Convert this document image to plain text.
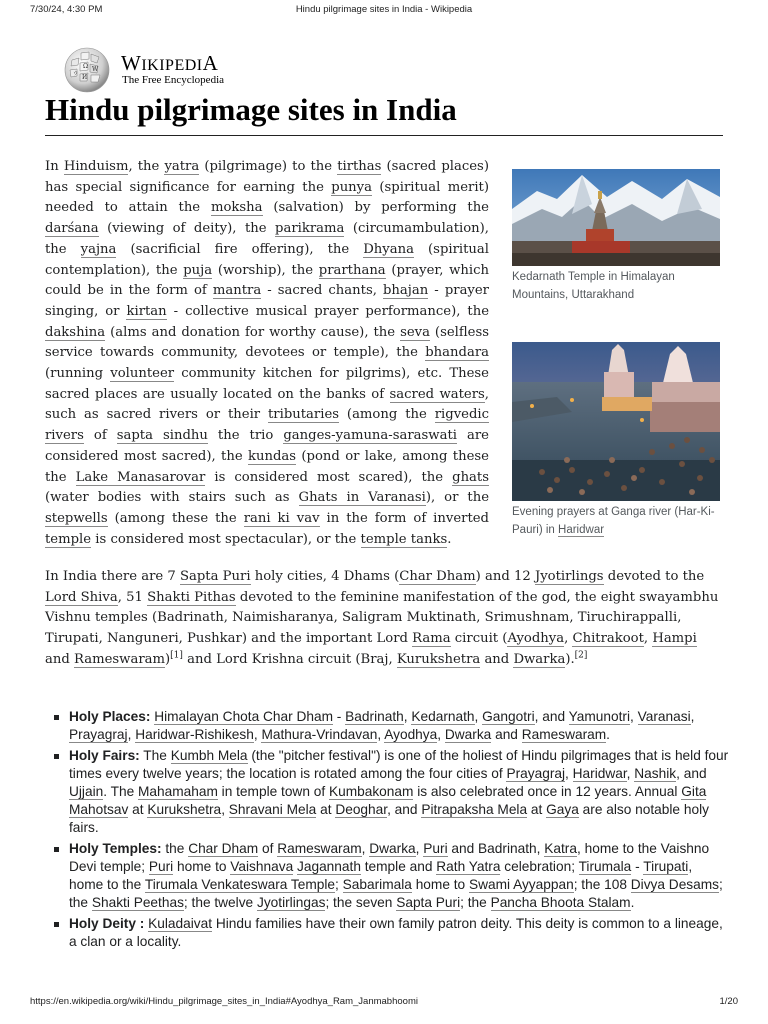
7/30/24, 4:30 PM	Hindu pilgrimage sites in India - Wikipedia
Ω W
И
ウ WIKIPEDIA
The Free Encyclopedia
Hindu pilgrimage sites in India

In Hinduism, the yatra (pilgrimage) to the tirthas (sacred places) has special significance for earning the punya (spiritual merit) needed to attain the moksha (salvation) by performing the darśana (viewing of deity), the parikrama (circumambulation), the yajna (sacrificial fire offering), the Dhyana (spiritual contemplation), the puja (worship), the prarthana (prayer, which could be in the form of mantra - sacred chants, bhajan - prayer singing, or kirtan - collective musical prayer performance), the dakshina (alms and donation for worthy cause), the seva (selfless service towards community, devotees or temple), the bhandara (running volunteer community kitchen for pilgrims), etc. These sacred places are usually located on the banks of sacred waters, such as sacred rivers or their tributaries (among the rigvedic rivers of sapta sindhu the trio ganges-yamuna-saraswati are considered most sacred), the kundas (pond or lake, among these the Lake Manasarovar is considered most scared), the ghats (water bodies with stairs such as Ghats in Varanasi), or the stepwells (among these the rani ki vav in the form of inverted temple is considered most spectacular), or the temple tanks.

Kedarnath Temple in Himalayan Mountains, Uttarakhand
Evening prayers at Ganga river (Har-Ki-Pauri) in Haridwar

In India there are 7 Sapta Puri holy cities, 4 Dhams (Char Dham) and 12 Jyotirlings devoted to the Lord Shiva, 51 Shakti Pithas devoted to the feminine manifestation of the god, the eight swayambhu Vishnu temples (Badrinath, Naimisharanya, Saligram Muktinath, Srimushnam, Tiruchirappalli, Tirupati, Nanguneri, Pushkar) and the important Lord Rama circuit (Ayodhya, Chitrakoot, Hampi and Rameswaram)[1] and Lord Krishna circuit (Braj, Kurukshetra and Dwarka).[2]

Holy Places: Himalayan Chota Char Dham - Badrinath, Kedarnath, Gangotri, and Yamunotri, Varanasi, Prayagraj, Haridwar-Rishikesh, Mathura-Vrindavan, Ayodhya, Dwarka and Rameswaram.
Holy Fairs: The Kumbh Mela (the "pitcher festival") is one of the holiest of Hindu pilgrimages that is held four times every twelve years; the location is rotated among the four cities of Prayagraj, Haridwar, Nashik, and Ujjain. The Mahamaham in temple town of Kumbakonam is also celebrated once in 12 years. Annual Gita Mahotsav at Kurukshetra, Shravani Mela at Deoghar, and Pitrapaksha Mela at Gaya are also notable holy fairs.
Holy Temples: the Char Dham of Rameswaram, Dwarka, Puri and Badrinath, Katra, home to the Vaishno Devi temple; Puri home to Vaishnava Jagannath temple and Rath Yatra celebration; Tirumala - Tirupati, home to the Tirumala Venkateswara Temple; Sabarimala home to Swami Ayyappan; the 108 Divya Desams; the Shakti Peethas; the twelve Jyotirlingas; the seven Sapta Puri; the Pancha Bhoota Stalam.
Holy Deity : Kuladaivat Hindu families have their own family patron deity. This deity is common to a lineage, a clan or a locality.
https://en.wikipedia.org/wiki/Hindu_pilgrimage_sites_in_India#Ayodhya_Ram_Janmabhoomi	1/20
